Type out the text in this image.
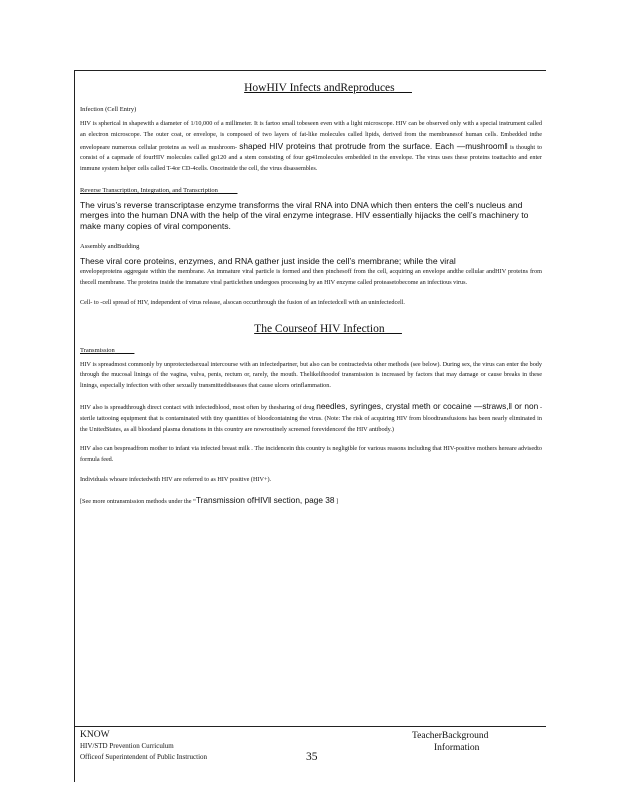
HowHIV Infects andReproduces
Infection (Cell Entry)

HIV is spherical in shapewith a diameter of 1/10,000 of a millimeter. It is fartoo small tobeseen even with a light microscope. HIV can be observed only with a special instrument called an electron microscope. The outer coat, or envelope, is composed of two layers of fat-like molecules called lipids, derived from the membranesof human cells. Embedded inthe envelopeare numerous cellular proteins as well as mushroom- shaped HIV proteins that protrude from the surface. Each —mushroom‖ is thought to consist of a capmade of fourHIV molecules called gp120 and a stem consisting of four gp41molecules embedded in the envelope. The virus uses these proteins toattachto and enter immune system helper cells called T-4or CD-4cells. Onceinside the cell, the virus disassembles.

Reverse Transcription, Integration, and Transcription

The virus’s reverse transcriptase enzyme transforms the viral RNA into DNA which then enters the cell’s nucleus and merges into the human DNA with the help of the viral enzyme integrase. HIV essentially hijacks the cell’s machinery to make many copies of viral components.

Assembly andBudding

These viral core proteins, enzymes, and RNA gather just inside the cell’s membrane; while the viral
envelopeproteins aggregate within the membrane. An immature viral particle is formed and then pinchesoff from the cell, acquiring an envelope andthe cellular andHIV proteins from thecell membrane. The proteins inside the immature viral particlethen undergoes processing by an HIV enzyme called proteasetobecome an infectious virus.

Cell- to -cell spread of HIV, independent of virus release, alsocan occurthrough the fusion of an infectedcell with an uninfectedcell.

The Courseof HIV Infection
Transmission

HIV is spreadmost commonly by unprotectedsexual intercourse with an infectedpartner, but also can be contractedvia other methods (see below). During sex, the virus can enter the body through the mucosal linings of the vagina, vulva, penis, rectum or, rarely, the mouth. Thelikelihoodof transmission is increased by factors that may damage or cause breaks in these linings, especially infection with other sexually transmitteddiseases that cause ulcers orinflammation.

HIV also is spreadthrough direct contact with infectedblood, most often by thesharing of drug needles, syringes, crystal meth or cocaine —straws,‖ or non -sterile tattooing equipment that is contaminated with tiny quantities of bloodcontaining the virus. (Note: The risk of acquiring HIV from bloodtransfusions has been nearly eliminated in the UnitedStates, as all bloodand plasma donations in this country are nowroutinely screened forevidenceof the HIV antibody.)

HIV also can bespreadfrom mother to infant via infected breast milk . The incidencein this country is negligible for various reasons including that HIV-positive mothers hereare advisedto formula feed.

Individuals whoare infectedwith HIV are referred to as HIV positive (HIV+).

[See more ontransmission methods under the “Transmission ofHIV‖ section, page 38 ]
KNOW
HIV/STD Prevention Curriculum
Officeof Superintendent of Public Instruction	35
TeacherBackground
Information
